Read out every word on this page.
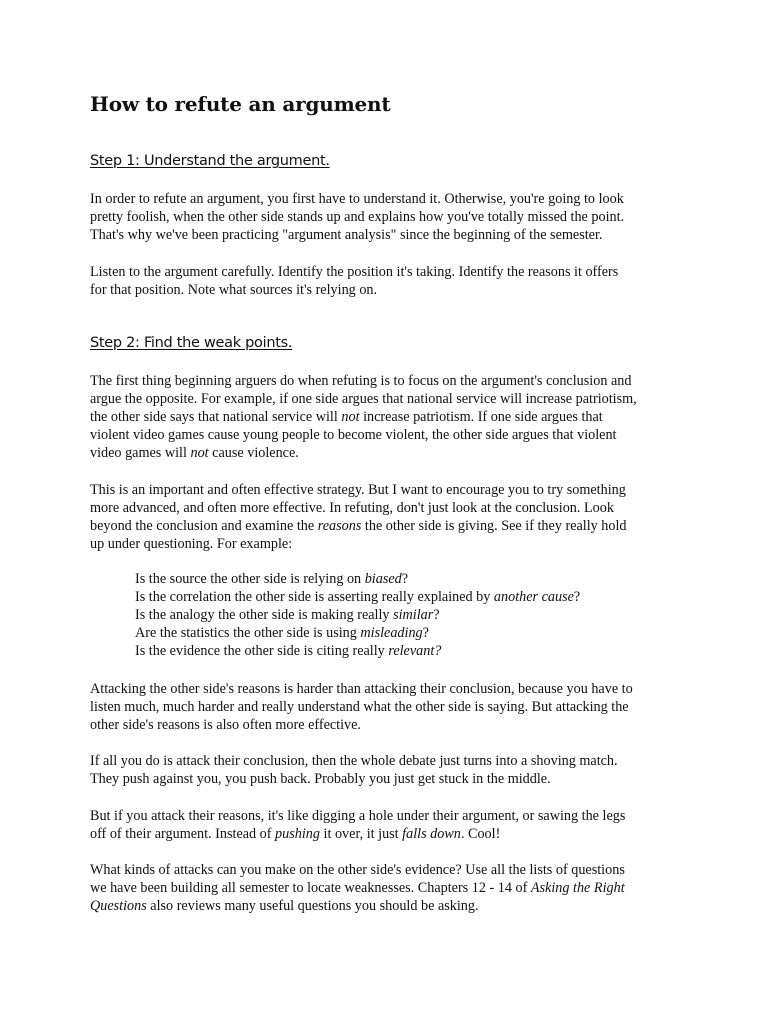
How to refute an argument
Step 1: Understand the argument.
In order to refute an argument, you first have to understand it. Otherwise, you're going to look
pretty foolish, when the other side stands up and explains how you've totally missed the point.
That's why we've been practicing "argument analysis" since the beginning of the semester.
Listen to the argument carefully. Identify the position it's taking. Identify the reasons it offers
for that position. Note what sources it's relying on.
Step 2: Find the weak points.
The first thing beginning arguers do when refuting is to focus on the argument's conclusion and
argue the opposite. For example, if one side argues that national service will increase patriotism,
the other side says that national service will not increase patriotism. If one side argues that
violent video games cause young people to become violent, the other side argues that violent
video games will not cause violence.
This is an important and often effective strategy. But I want to encourage you to try something
more advanced, and often more effective. In refuting, don't just look at the conclusion. Look
beyond the conclusion and examine the reasons the other side is giving. See if they really hold
up under questioning. For example:
Is the source the other side is relying on biased?
Is the correlation the other side is asserting really explained by another cause?
Is the analogy the other side is making really similar?
Are the statistics the other side is using misleading?
Is the evidence the other side is citing really relevant?
Attacking the other side's reasons is harder than attacking their conclusion, because you have to
listen much, much harder and really understand what the other side is saying. But attacking the
other side's reasons is also often more effective.
If all you do is attack their conclusion, then the whole debate just turns into a shoving match.
They push against you, you push back. Probably you just get stuck in the middle.
But if you attack their reasons, it's like digging a hole under their argument, or sawing the legs
off of their argument. Instead of pushing it over, it just falls down. Cool!
What kinds of attacks can you make on the other side's evidence? Use all the lists of questions
we have been building all semester to locate weaknesses. Chapters 12 - 14 of Asking the Right
Questions also reviews many useful questions you should be asking.
